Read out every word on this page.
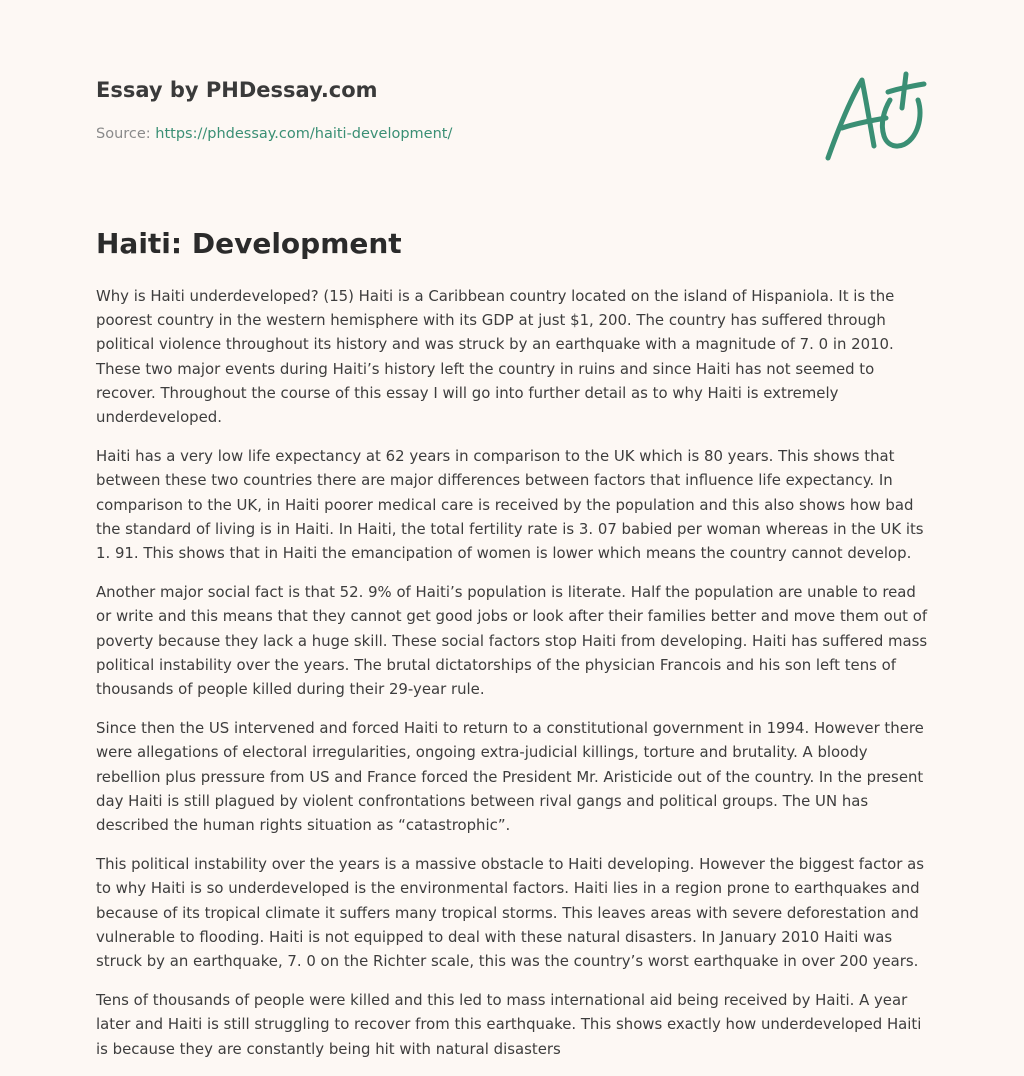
Essay by PHDessay.com
Source: https://phdessay.com/haiti-development/
Haiti: Development

Why is Haiti underdeveloped? (15) Haiti is a Caribbean country located on the island of Hispaniola. It is the poorest country in the western hemisphere with its GDP at just $1, 200. The country has suffered through political violence throughout its history and was struck by an earthquake with a magnitude of 7. 0 in 2010. These two major events during Haiti’s history left the country in ruins and since Haiti has not seemed to recover. Throughout the course of this essay I will go into further detail as to why Haiti is extremely underdeveloped.

Haiti has a very low life expectancy at 62 years in comparison to the UK which is 80 years. This shows that between these two countries there are major differences between factors that influence life expectancy. In comparison to the UK, in Haiti poorer medical care is received by the population and this also shows how bad the standard of living is in Haiti. In Haiti, the total fertility rate is 3. 07 babied per woman whereas in the UK its 1. 91. This shows that in Haiti the emancipation of women is lower which means the country cannot develop.

Another major social fact is that 52. 9% of Haiti’s population is literate. Half the population are unable to read or write and this means that they cannot get good jobs or look after their families better and move them out of poverty because they lack a huge skill. These social factors stop Haiti from developing. Haiti has suffered mass political instability over the years. The brutal dictatorships of the physician Francois and his son left tens of thousands of people killed during their 29-year rule.

Since then the US intervened and forced Haiti to return to a constitutional government in 1994. However there were allegations of electoral irregularities, ongoing extra-judicial killings, torture and brutality. A bloody rebellion plus pressure from US and France forced the President Mr. Aristicide out of the country. In the present day Haiti is still plagued by violent confrontations between rival gangs and political groups. The UN has described the human rights situation as “catastrophic”.

This political instability over the years is a massive obstacle to Haiti developing. However the biggest factor as to why Haiti is so underdeveloped is the environmental factors. Haiti lies in a region prone to earthquakes and because of its tropical climate it suffers many tropical storms. This leaves areas with severe deforestation and vulnerable to flooding. Haiti is not equipped to deal with these natural disasters. In January 2010 Haiti was struck by an earthquake, 7. 0 on the Richter scale, this was the country’s worst earthquake in over 200 years.

Tens of thousands of people were killed and this led to mass international aid being received by Haiti. A year later and Haiti is still struggling to recover from this earthquake. This shows exactly how underdeveloped Haiti is because they are constantly being hit with natural disasters
